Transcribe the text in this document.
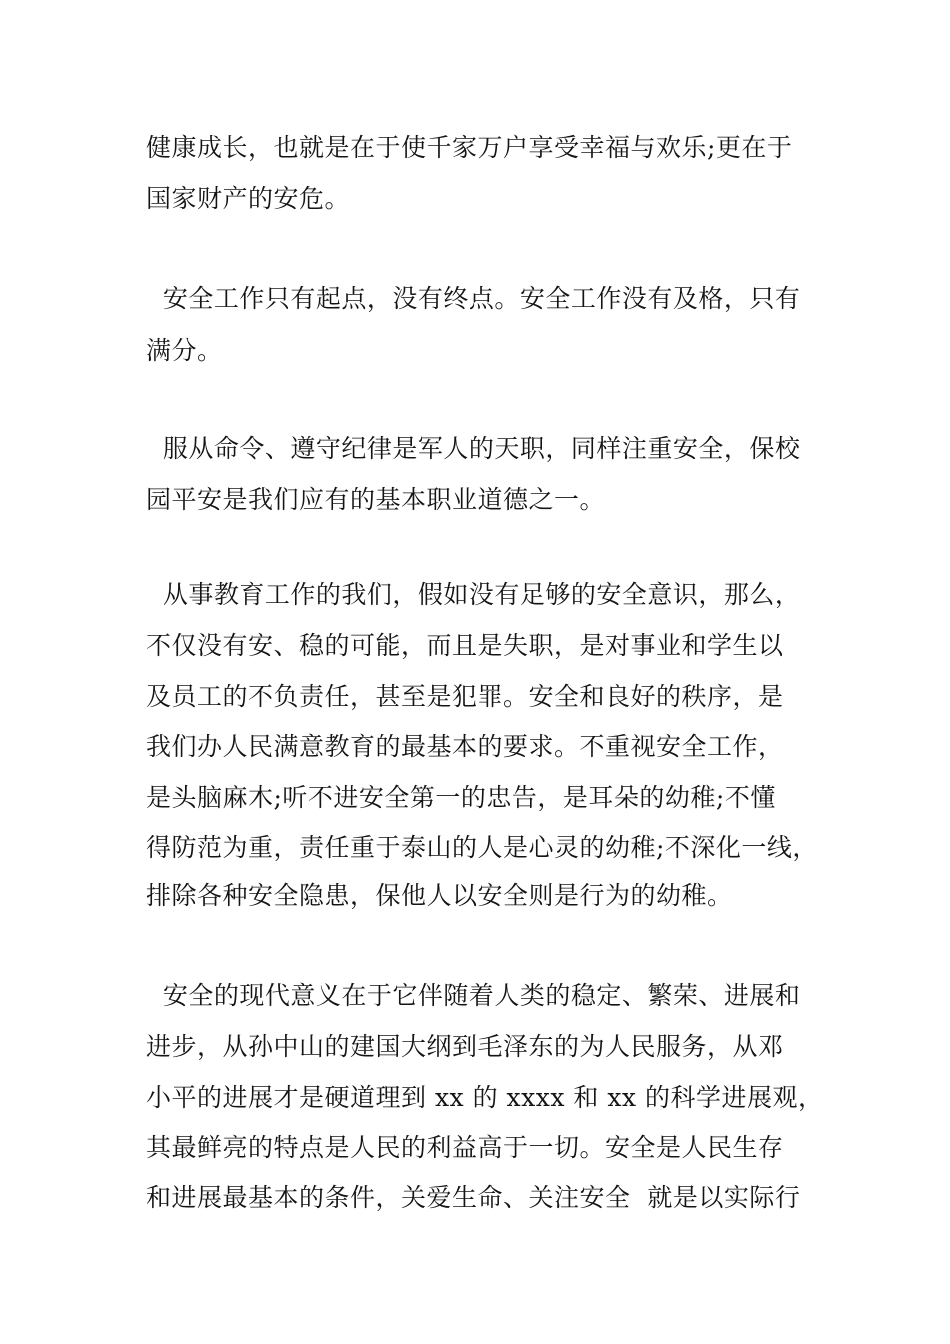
健康成长，也就是在于使千家万户享受幸福与欢乐;更在于
国家财产的安危。
安全工作只有起点，没有终点。安全工作没有及格，只有
满分。
服从命令、遵守纪律是军人的天职，同样注重安全，保校
园平安是我们应有的基本职业道德之一。
从事教育工作的我们，假如没有足够的安全意识，那么，
不仅没有安、稳的可能，而且是失职，是对事业和学生以
及员工的不负责任，甚至是犯罪。安全和良好的秩序，是
我们办人民满意教育的最基本的要求。不重视安全工作，
是头脑麻木;听不进安全第一的忠告，是耳朵的幼稚;不懂
得防范为重，责任重于泰山的人是心灵的幼稚;不深化一线，
排除各种安全隐患，保他人以安全则是行为的幼稚。
安全的现代意义在于它伴随着人类的稳定、繁荣、进展和
进步，从孙中山的建国大纲到毛泽东的为人民服务，从邓
小平的进展才是硬道理到 xx 的 xxxx 和 xx 的科学进展观，
其最鲜亮的特点是人民的利益高于一切。安全是人民生存
和进展最基本的条件，关爱生命、关注安全  就是以实际行
